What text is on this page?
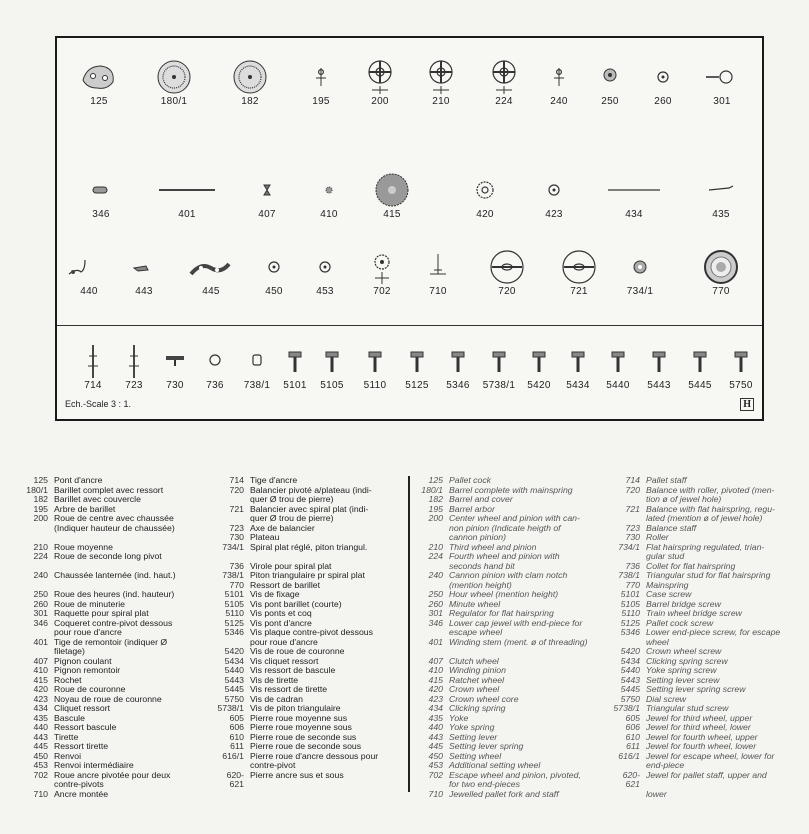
125	180/1	182	195	200	210	224	240	250	260	301
346	401	407	410	415	420	423	434	435
440	443	445	450	453	702	710	720	721	734/1	770
714	723	730	736	738/1	5101	5105	5110	5125	5346	5738/1	5420	5434	5440	5443	5445	5750
Ech.-Scale 3 : 1.	H
125 Pont d'ancre
180/1 Barillet complet avec ressort
182 Barillet avec couvercle
195 Arbre de barillet
200 Roue de centre avec chaussée
(Indiquer hauteur de chaussée)

210 Roue moyenne
224 Roue de seconde long pivot

240 Chaussée lanternée (ind. haut.)

250 Roue des heures (ind. hauteur)
260 Roue de minuterie
301 Raquette pour spiral plat
346 Coqueret contre-pivot dessous
pour roue d'ancre
401 Tige de remontoir (indiquer Ø
filetage)
407 Pignon coulant
410 Pignon remontoir
415 Rochet
420 Roue de couronne
423 Noyau de roue de couronne
434 Cliquet ressort
435 Bascule
440 Ressort bascule
443 Tirette
445 Ressort tirette
450 Renvoi
453 Renvoi intermédiaire
702 Roue ancre pivotée pour deux
contre-pivots
710 Ancre montée
714 Tige d'ancre
720 Balancier pivoté a/plateau (indi-
quer Ø trou de pierre)
721 Balancier avec spiral plat (indi-
quer Ø trou de pierre)
723 Axe de balancier
730 Plateau
734/1 Spiral plat réglé, piton triangul.

736 Virole pour spiral plat
738/1 Piton triangulaire pr spiral plat
770 Ressort de barillet
5101 Vis de fixage
5105 Vis pont barillet (courte)
5110 Vis ponts et coq
5125 Vis pont d'ancre
5346 Vis plaque contre-pivot dessous
pour roue d'ancre
5420 Vis de roue de couronne
5434 Vis cliquet ressort
5440 Vis ressort de bascule
5443 Vis de tirette
5445 Vis ressort de tirette
5750 Vis de cadran
5738/1 Vis de piton triangulaire
605 Pierre roue moyenne sus
606 Pierre roue moyenne sous
610 Pierre roue de seconde sus
611 Pierre roue de seconde sous
616/1 Pierre roue d'ancre dessous pour
contre-pivot
620-621
Pierre ancre sus et sous
125 Pallet cock
180/1 Barrel complete with mainspring
182 Barrel and cover
195 Barrel arbor
200 Center wheel and pinion with can-
non pinion (Indicate heigth of
cannon pinion)
210 Third wheel and pinion
224 Fourth wheel and pinion with
seconds hand bit
240 Cannon pinion with clam notch
(mention height)
250 Hour wheel (mention height)
260 Minute wheel
301 Regulator for flat hairspring
346 Lower cap jewel with end-piece for
escape wheel
401 Winding stem (ment. ø of threading)

407 Clutch wheel
410 Winding pinion
415 Ratchet wheel
420 Crown wheel
423 Crown wheel core
434 Clicking spring
435 Yoke
440 Yoke spring
443 Setting lever
445 Setting lever spring
450 Setting wheel
453 Additional setting wheel
702 Escape wheel and pinion, pivoted,
for two end-pieces
710 Jewelled pallet fork and staff
714 Pallet staff
720 Balance with roller, pivoted (men-
tion ø of jewel hole)
721 Balance with flat hairspring, regu-
lated (mention ø of jewel hole)
723 Balance staff
730 Roller
734/1 Flat hairspring regulated, trian-
gular stud
736 Collet for flat hairspring
738/1 Triangular stud for flat hairspring
770 Mainspring
5101 Case screw
5105 Barrel bridge screw
5110 Train wheel bridge screw
5125 Pallet cock screw
5346 Lower end-piece screw, for escape
wheel
5420 Crown wheel screw
5434 Clicking spring screw
5440 Yoke spring screw
5443 Setting lever screw
5445 Setting lever spring screw
5750 Dial screw
5738/1 Triangular stud screw
605 Jewel for third wheel, upper
606 Jewel for third wheel, lower
610 Jewel for fourth wheel, upper
611 Jewel for fourth wheel, lower
616/1 Jewel for escape wheel, lower for
end-piece
620-621
Jewel for pallet staff, upper and
lower
